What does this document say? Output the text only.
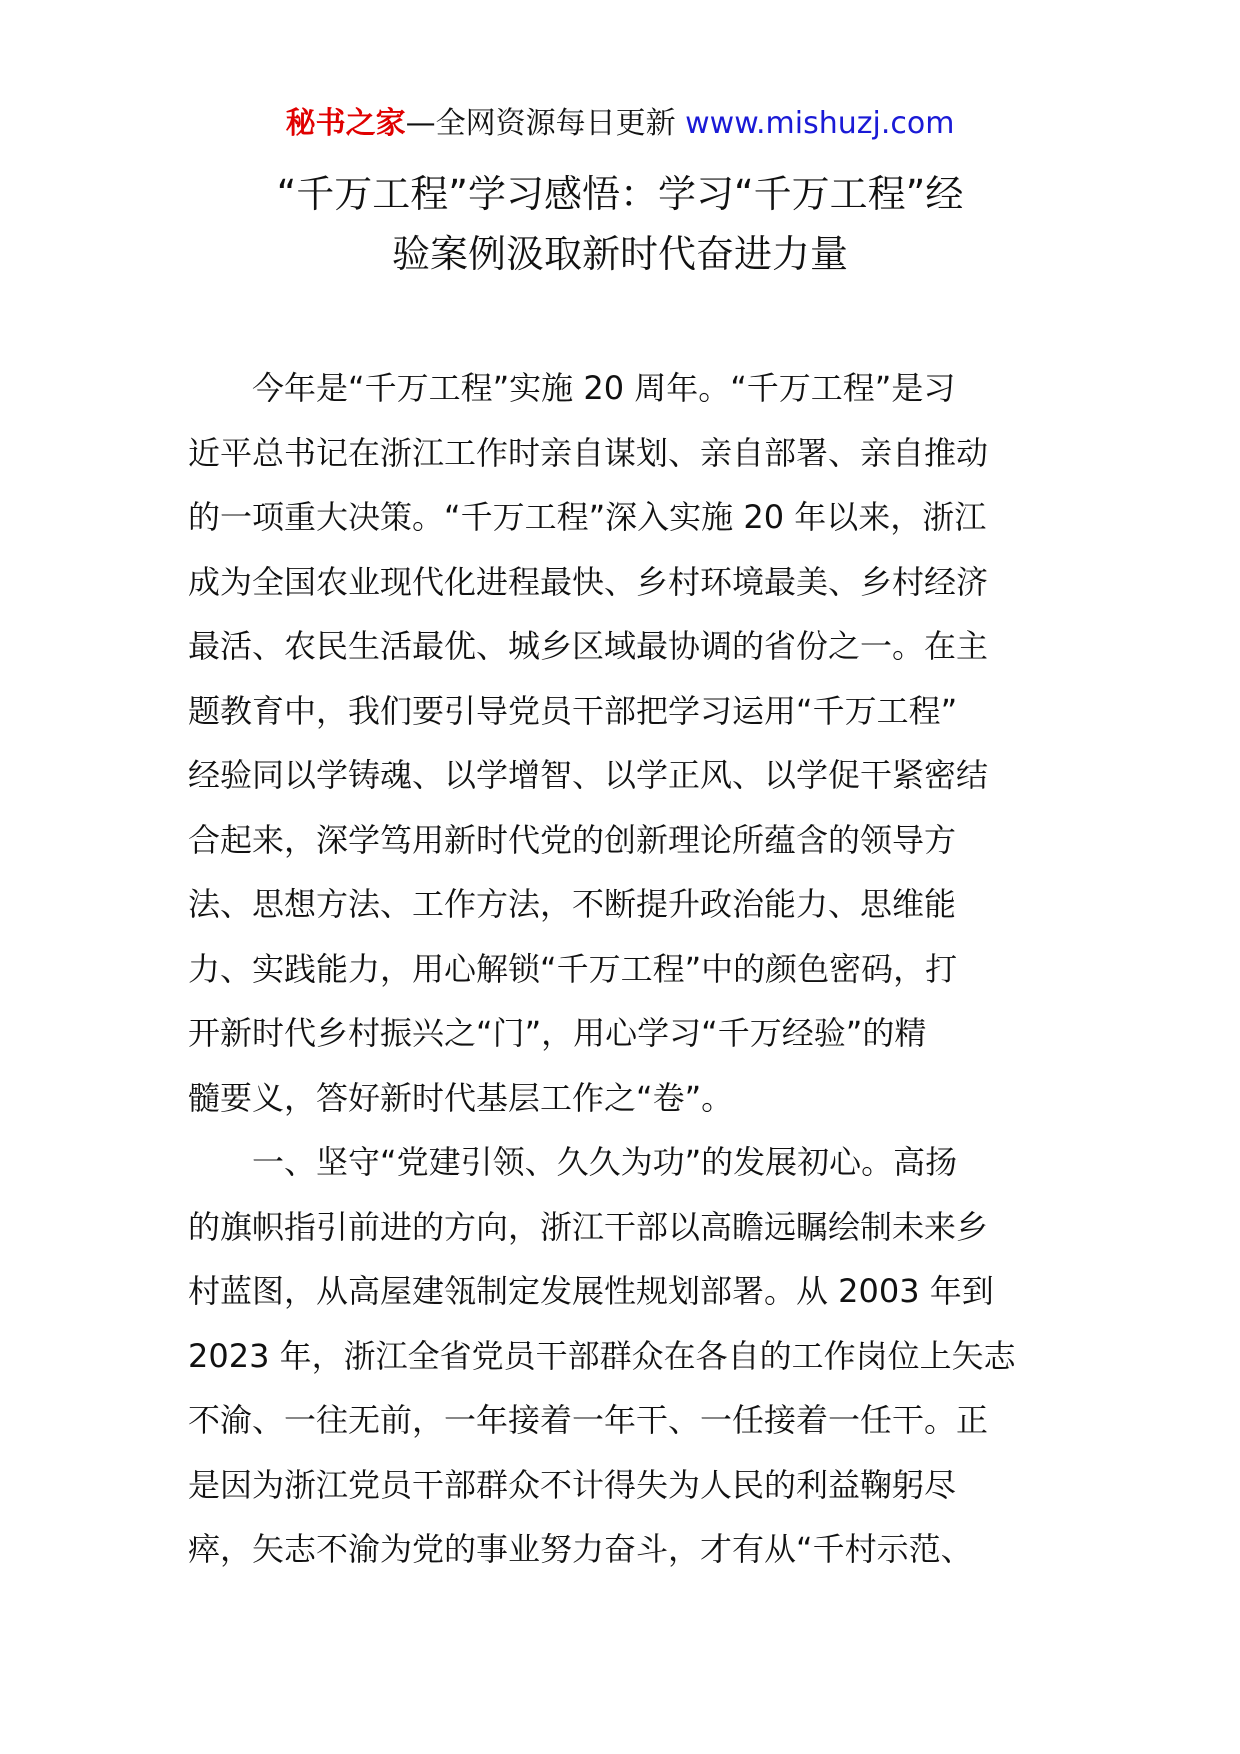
秘书之家—全网资源每日更新 www.mishuzj.com
“千万工程”学习感悟：学习“千万工程”经
验案例汲取新时代奋进力量
今年是“千万工程”实施 20 周年。“千万工程”是习
近平总书记在浙江工作时亲自谋划、亲自部署、亲自推动
的一项重大决策。“千万工程”深入实施 20 年以来，浙江
成为全国农业现代化进程最快、乡村环境最美、乡村经济
最活、农民生活最优、城乡区域最协调的省份之一。在主
题教育中，我们要引导党员干部把学习运用“千万工程”
经验同以学铸魂、以学增智、以学正风、以学促干紧密结
合起来，深学笃用新时代党的创新理论所蕴含的领导方
法、思想方法、工作方法，不断提升政治能力、思维能
力、实践能力，用心解锁“千万工程”中的颜色密码，打
开新时代乡村振兴之“门”，用心学习“千万经验”的精
髓要义，答好新时代基层工作之“卷”。
一、坚守“党建引领、久久为功”的发展初心。高扬
的旗帜指引前进的方向，浙江干部以高瞻远瞩绘制未来乡
村蓝图，从高屋建瓴制定发展性规划部署。从 2003 年到
2023 年，浙江全省党员干部群众在各自的工作岗位上矢志
不渝、一往无前，一年接着一年干、一任接着一任干。正
是因为浙江党员干部群众不计得失为人民的利益鞠躬尽
瘁，矢志不渝为党的事业努力奋斗，才有从“千村示范、
